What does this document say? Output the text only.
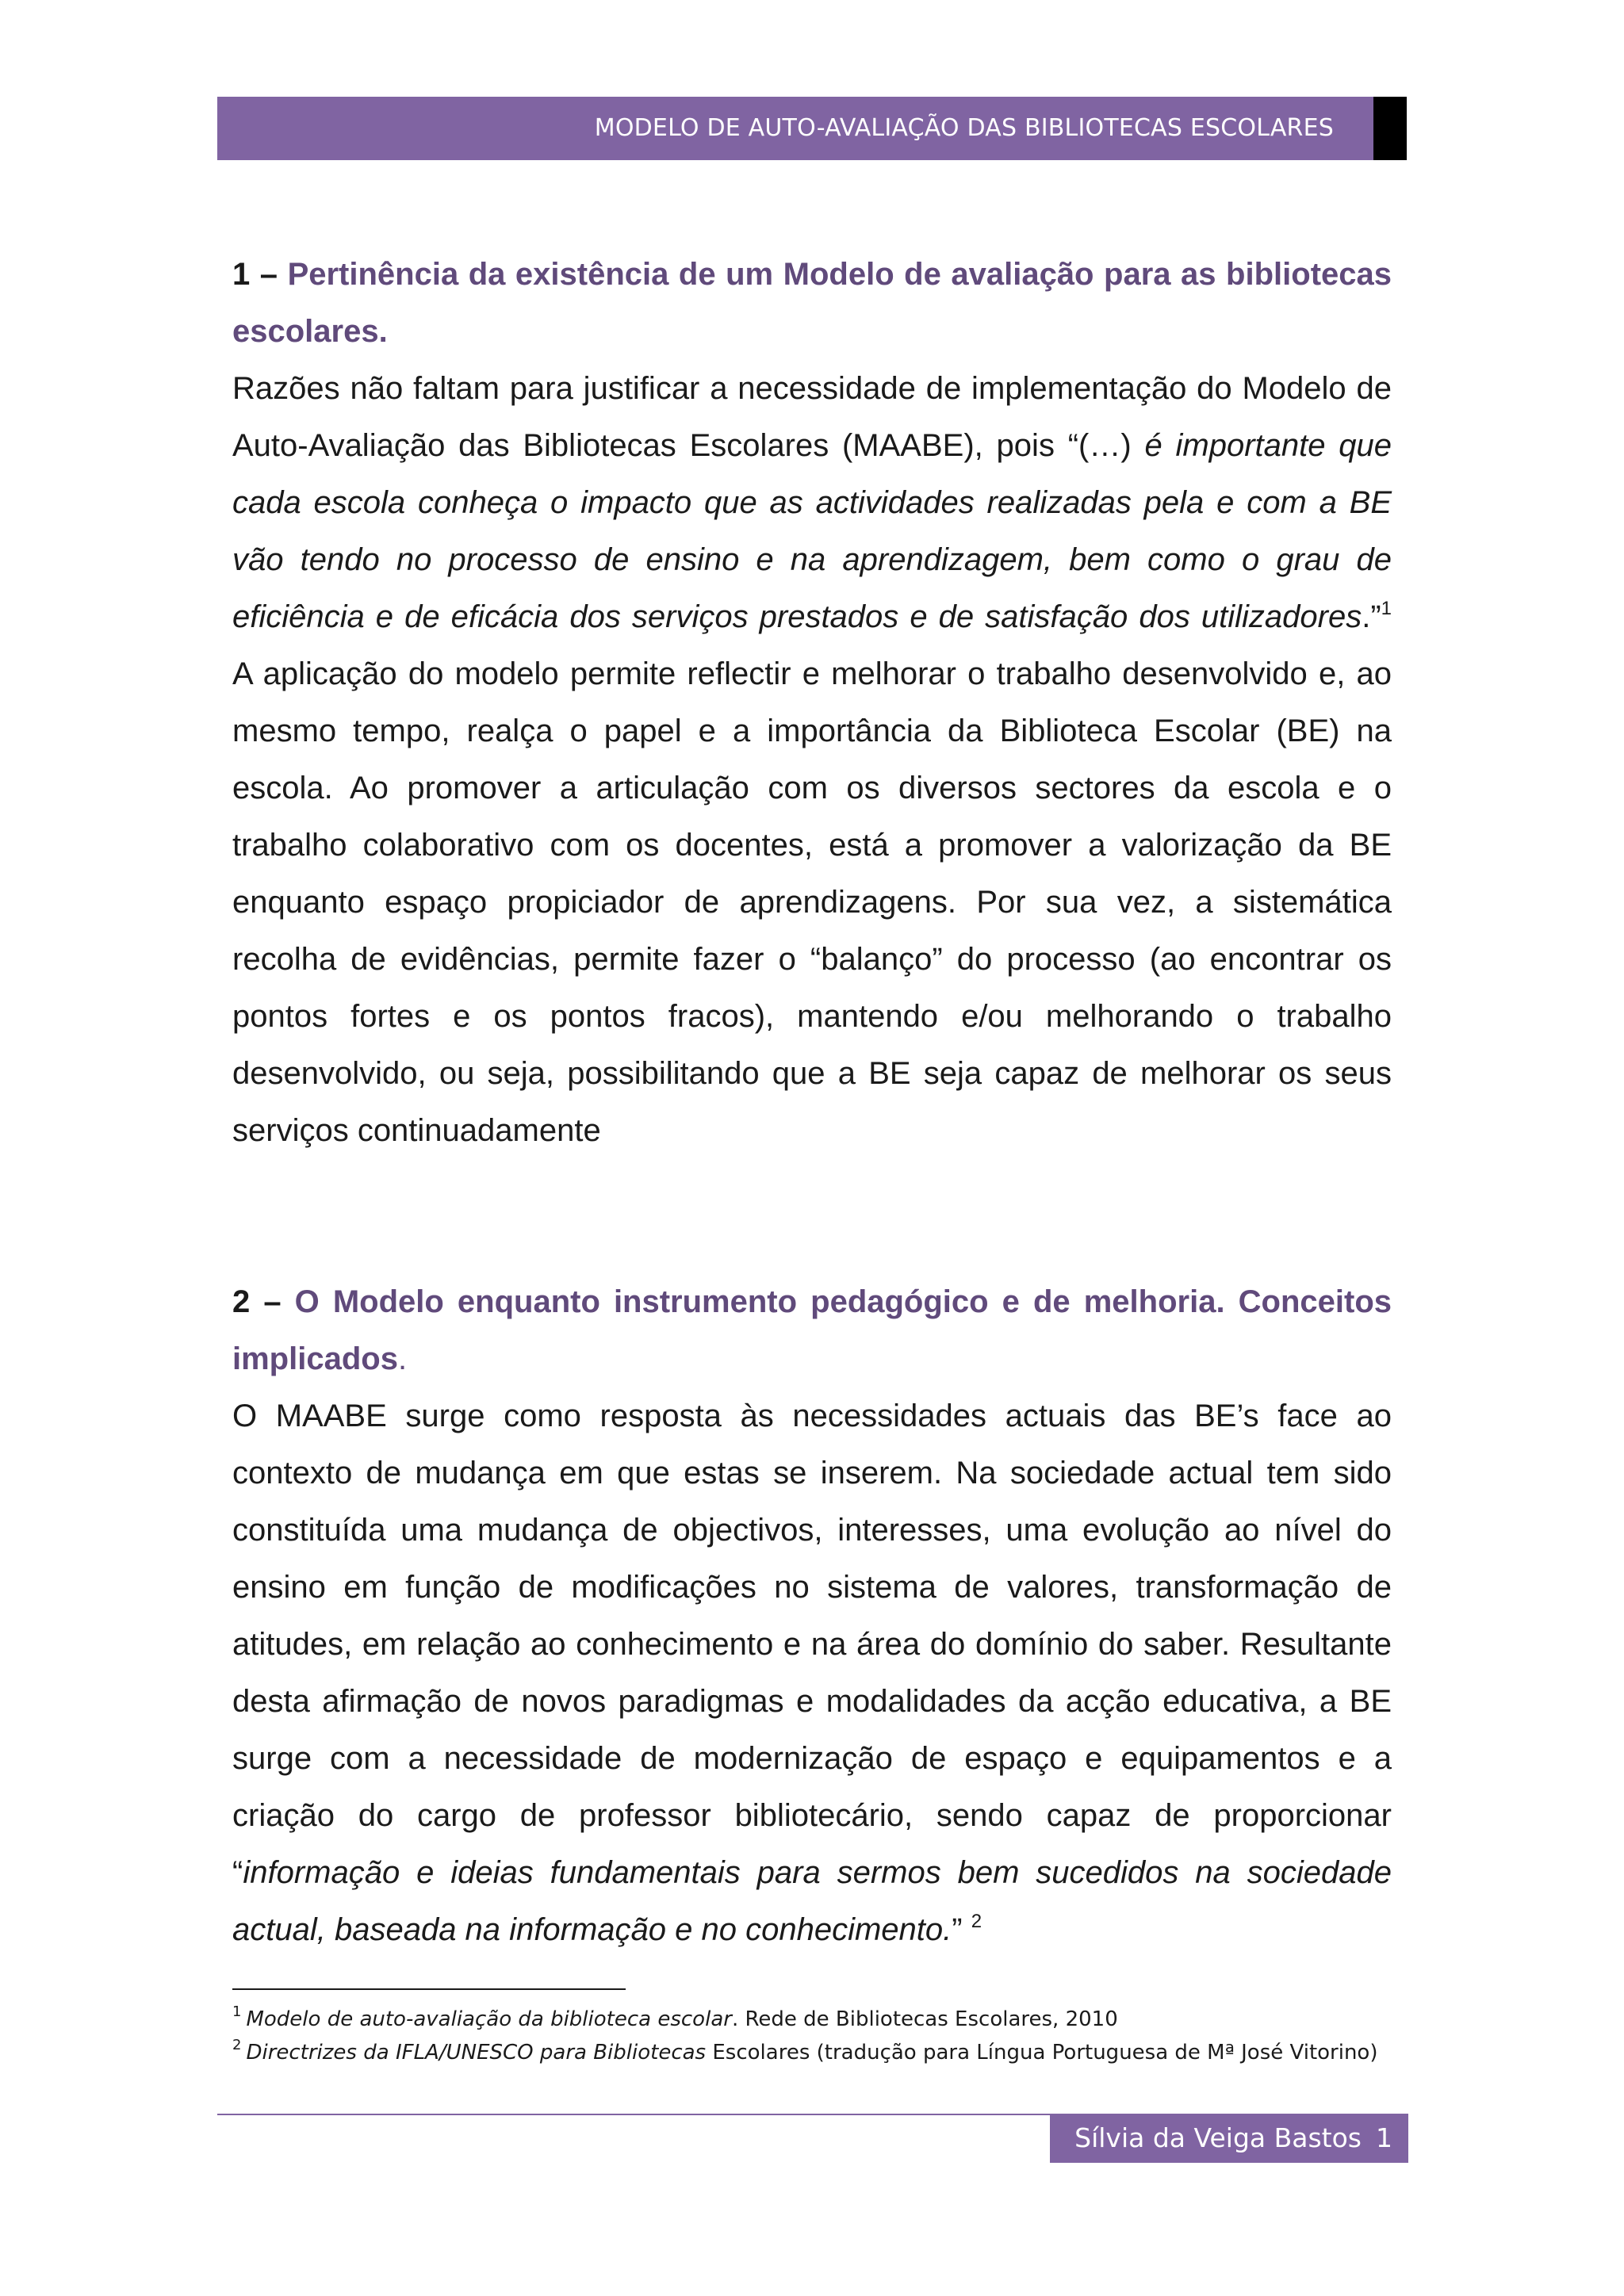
MODELO DE AUTO-AVALIAÇÃO DAS BIBLIOTECAS ESCOLARES

1 – Pertinência da existência de um Modelo de avaliação para as bibliotecas escolares.

Razões não faltam para justificar a necessidade de implementação do Modelo de Auto-Avaliação das Bibliotecas Escolares (MAABE), pois “(…) é importante que cada escola conheça o impacto que as actividades realizadas pela e com a BE vão tendo no processo de ensino e na aprendizagem, bem como o grau de eficiência e de eficácia dos serviços prestados e de satisfação dos utilizadores.”$^1$ A aplicação do modelo permite reflectir e melhorar o trabalho desenvolvido e, ao mesmo tempo, realça o papel e a importância da Biblioteca Escolar (BE) na escola. Ao promover a articulação com os diversos sectores da escola e o trabalho colaborativo com os docentes, está a promover a valorização da BE enquanto espaço propiciador de aprendizagens. Por sua vez, a sistemática recolha de evidências, permite fazer o “balanço” do processo (ao encontrar os pontos fortes e os pontos fracos), mantendo e/ou melhorando o trabalho desenvolvido, ou seja, possibilitando que a BE seja capaz de melhorar os seus serviços continuadamente

2 – O Modelo enquanto instrumento pedagógico e de melhoria. Conceitos implicados.

O MAABE surge como resposta às necessidades actuais das BE’s face ao contexto de mudança em que estas se inserem. Na sociedade actual tem sido constituída uma mudança de objectivos, interesses, uma evolução ao nível do ensino em função de modificações no sistema de valores, transformação de atitudes, em relação ao conhecimento e na área do domínio do saber. Resultante desta afirmação de novos paradigmas e modalidades da acção educativa, a BE surge com a necessidade de modernização de espaço e equipamentos e a criação do cargo de professor bibliotecário, sendo capaz de proporcionar “informação e ideias fundamentais para sermos bem sucedidos na sociedade actual, baseada na informação e no conhecimento.” $^2$

$^1$ Modelo de auto-avaliação da biblioteca escolar. Rede de Bibliotecas Escolares, 2010

$^2$ Directrizes da IFLA/UNESCO para Bibliotecas Escolares (tradução para Língua Portuguesa de Mª José Vitorino)

Sílvia da Veiga Bastos 1
